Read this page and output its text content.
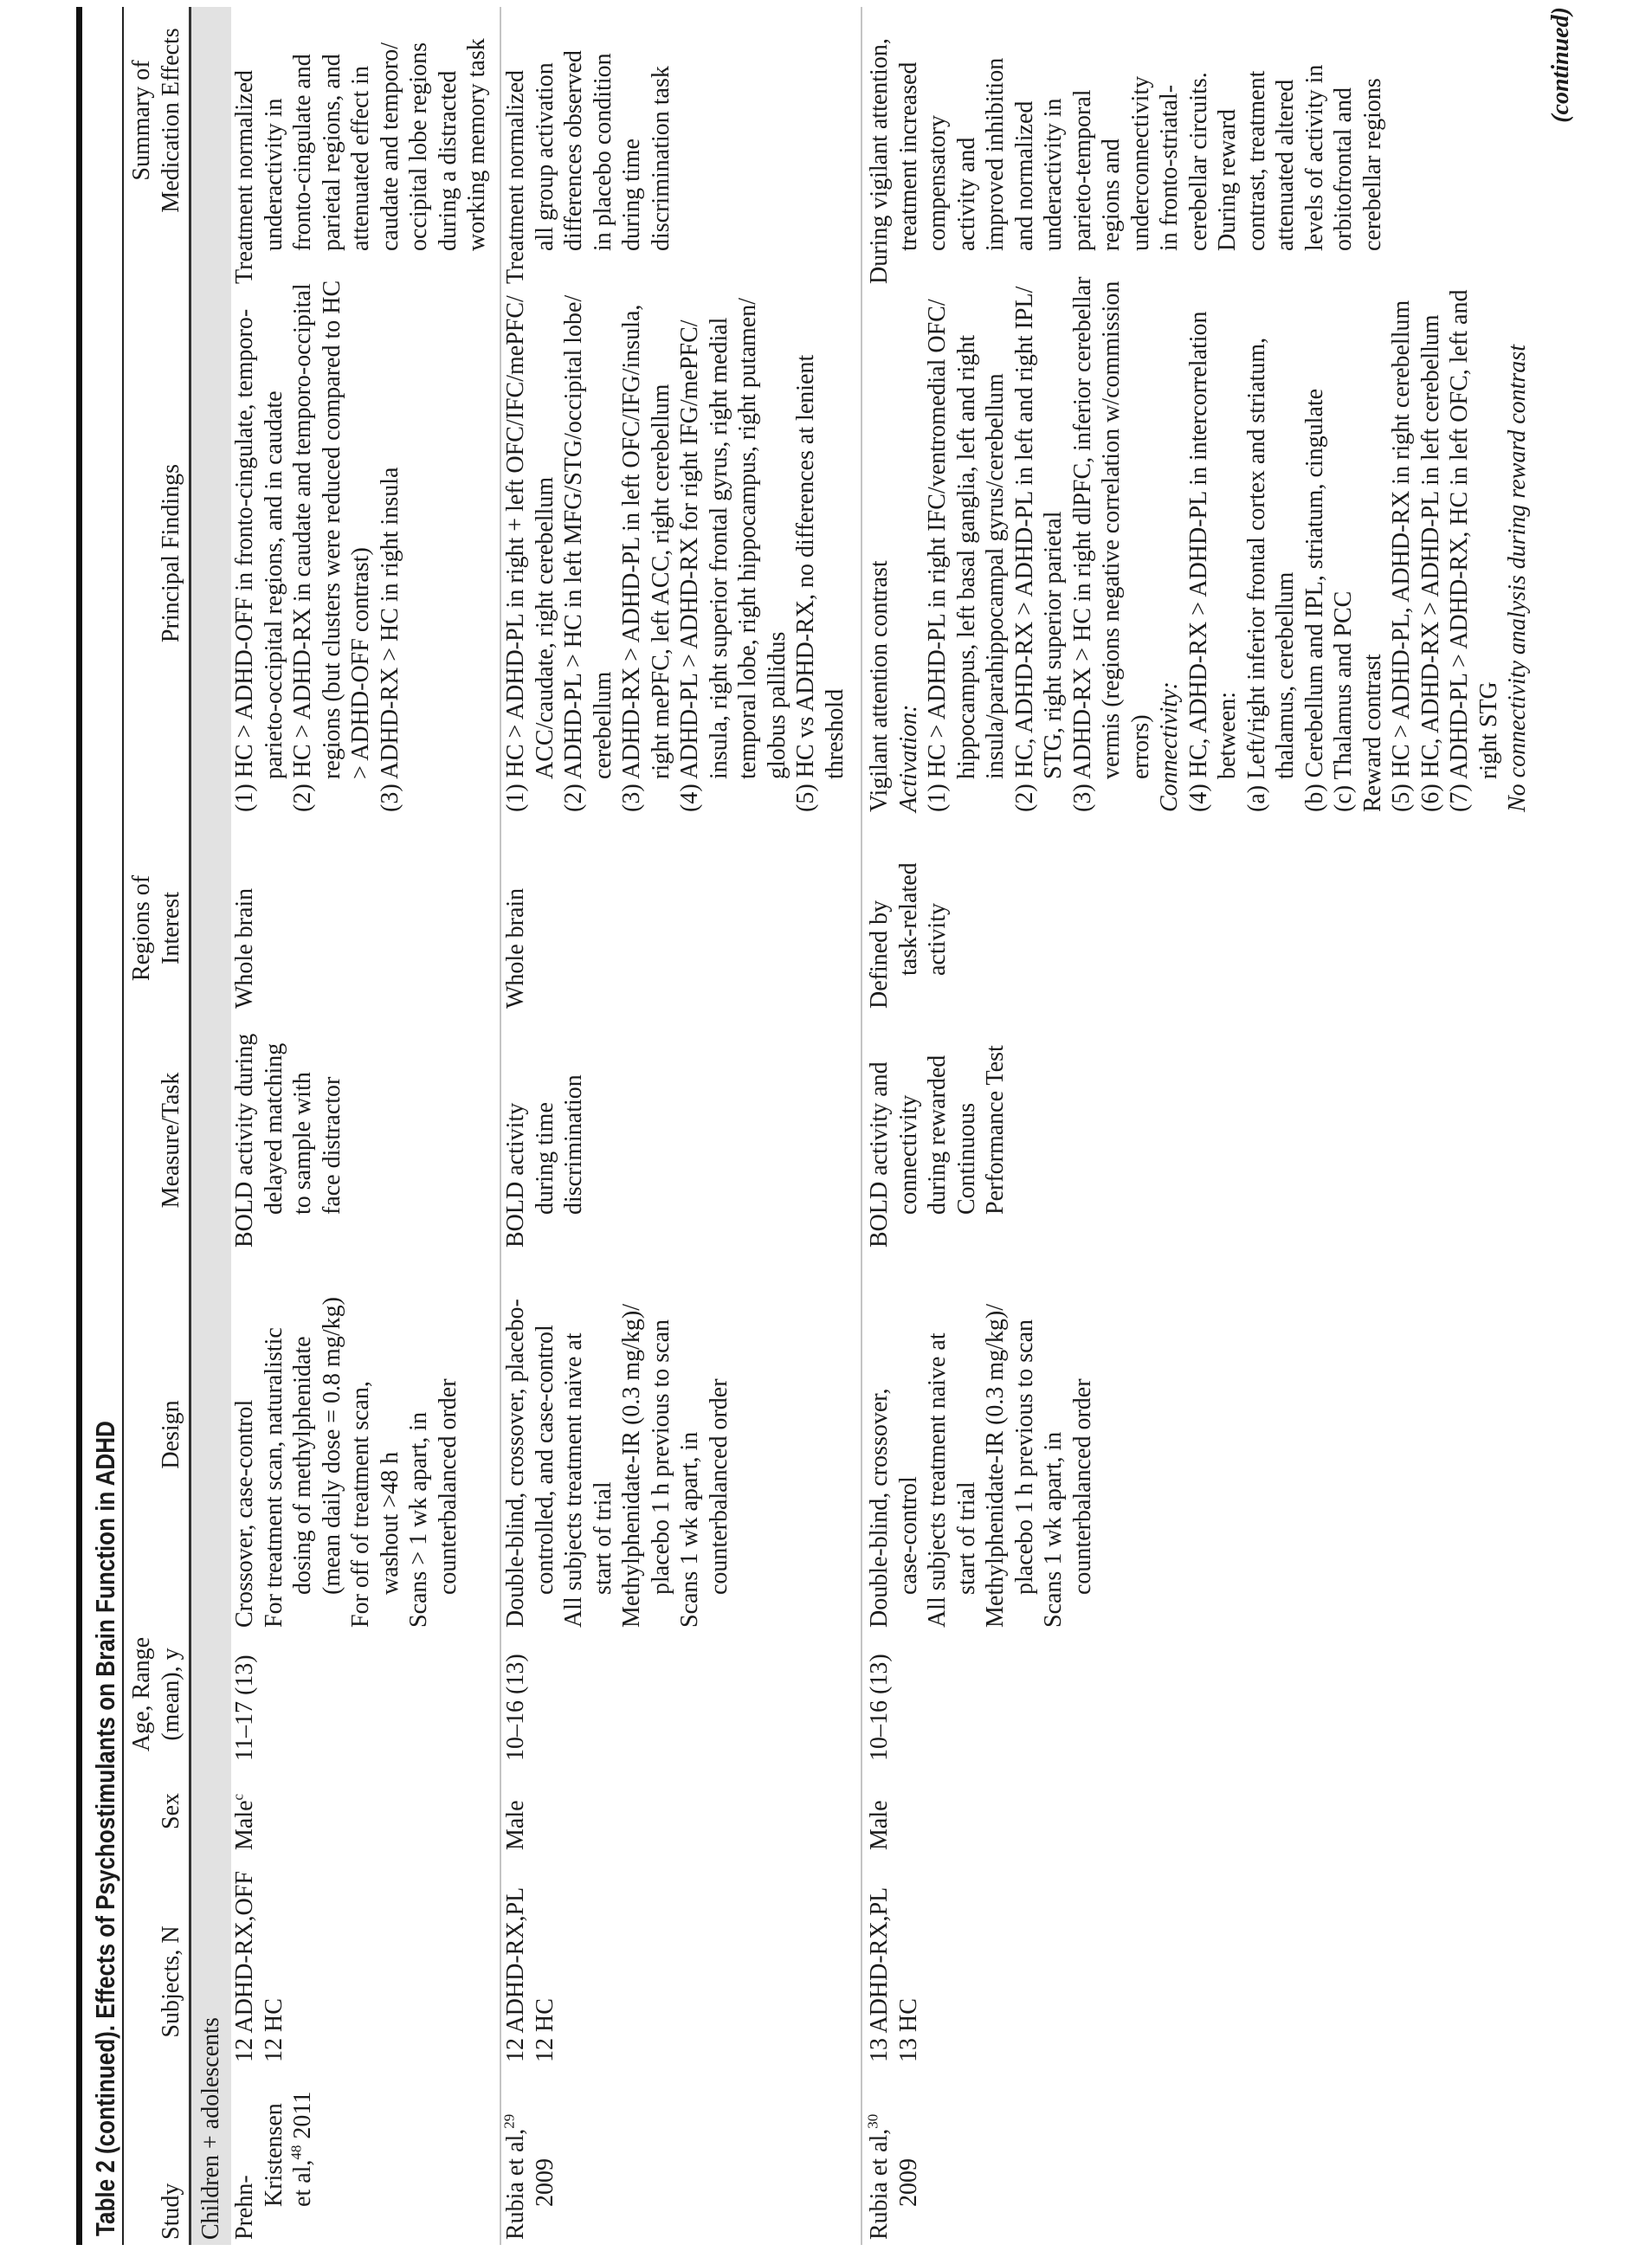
Table 2 (continued). Effects of Psychostimulants on Brain Function in ADHD Study
Subjects, N
Sex
Age, Range
(mean), y
Design
Measure/Task
Regions of
Interest
Principal Findings
Summary of
Medication Effects
Children + adolescents Prehn-
Kristensen
et al,$^{48}$ 2011
Male$^c$
12 ADHD-RX,OFF 12 HC
11–17 (13)
Crossover, case-control For treatment scan, naturalistic
dosing of methylphenidate
(mean daily dose = 0.8 mg/kg)
For off of treatment scan,
washout >48 h
Scans > 1 wk apart, in
counterbalanced order
BOLD activity during
delayed matching
to sample with
face distractor
Whole brain
(1) HC > ADHD-OFF in fronto-cingulate, temporo-
parieto-occipital regions, and in caudate
(2) HC > ADHD-RX in caudate and temporo-occipital
regions (but clusters were reduced compared to HC
> ADHD-OFF contrast) (3) ADHD-RX > HC in right insula
Treatment normalized
underactivity in
fronto-cingulate and
parietal regions, and
attenuated effect in
caudate and temporo/
occipital lobe regions
during a distracted
working memory task
Rubia et al,$^{29}$
2009
Male
12 ADHD-RX,PL 12 HC
10–16 (13)
Double-blind, crossover, placebo-
controlled, and case-control
All subjects treatment naive at
start of trial Methylphenidate-IR (0.3 mg/kg)/
placebo 1 h previous to scan
Scans 1 wk apart, in
counterbalanced order
BOLD activity
during time
discrimination
Whole brain
(1) HC > ADHD-PL in right + left OFC/IFC/mePFC/
ACC/caudate, right cerebellum
(2) ADHD-PL > HC in left MFG/STG/occipital lobe/
cerebellum
(3) ADHD-RX > ADHD-PL in left OFC/IFG/insula,
right mePFC, left ACC, right cerebellum
(4) ADHD-PL > ADHD-RX for right IFG/mePFC/
insula, right superior frontal gyrus, right medial
temporal lobe, right hippocampus, right putamen/
globus pallidus
(5) HC vs ADHD-RX, no differences at lenient
threshold
Treatment normalized
all group activation
differences observed
in placebo condition
during time
discrimination task
Rubia et al,$^{30}$
2009
Male
13 ADHD-RX,PL 13 HC
10–16 (13)
Double-blind, crossover,
case-control
All subjects treatment naive at
start of trial Methylphenidate-IR (0.3 mg/kg)/
placebo 1 h previous to scan
Scans 1 wk apart, in
counterbalanced order
BOLD activity and
connectivity
during rewarded
Continuous
Performance Test
Defined by
task-related
activity
Vigilant attention contrast Activation: (1) HC > ADHD-PL in right IFC/ventromedial OFC/
hippocampus, left basal ganglia, left and right
insula/parahippocampal gyrus/cerebellum
(2) HC, ADHD-RX > ADHD-PL in left and right IPL/
STG, right superior parietal
(3) ADHD-RX > HC in right dlPFC, inferior cerebellar
vermis (regions negative correlation w/commission
errors) Connectivity: (4) HC, ADHD-RX > ADHD-PL in intercorrelation
between:
(a) Left/right inferior frontal cortex and striatum,
thalamus, cerebellum (b) Cerebellum and IPL, striatum, cingulate (c) Thalamus and PCC Reward contrast (5) HC > ADHD-PL, ADHD-RX in right cerebellum (6) HC, ADHD-RX > ADHD-PL in left cerebellum (7) ADHD-PL > ADHD-RX, HC in left OFC, left and
right STG No connectivity analysis during reward contrast
During vigilant attention,
treatment increased
compensatory
activity and
improved inhibition
and normalized
underactivity in
parieto-temporal
regions and
underconnectivity
in fronto-striatal-
cerebellar circuits.
During reward
contrast, treatment
attenuated altered
levels of activity in
orbitofrontal and
cerebellar regions	(continued)
